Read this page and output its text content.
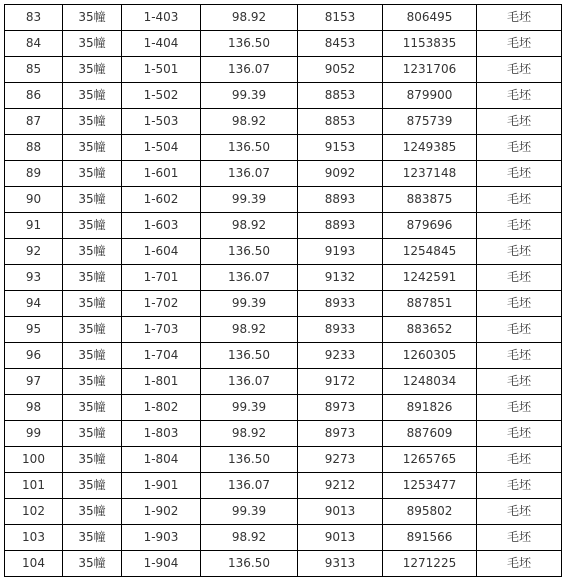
83	35幢	1-403	98.92	8153	806495	毛坯
84	35幢	1-404	136.50	8453	1153835	毛坯
85	35幢	1-501	136.07	9052	1231706	毛坯
86	35幢	1-502	99.39	8853	879900	毛坯
87	35幢	1-503	98.92	8853	875739	毛坯
88	35幢	1-504	136.50	9153	1249385	毛坯
89	35幢	1-601	136.07	9092	1237148	毛坯
90	35幢	1-602	99.39	8893	883875	毛坯
91	35幢	1-603	98.92	8893	879696	毛坯
92	35幢	1-604	136.50	9193	1254845	毛坯
93	35幢	1-701	136.07	9132	1242591	毛坯
94	35幢	1-702	99.39	8933	887851	毛坯
95	35幢	1-703	98.92	8933	883652	毛坯
96	35幢	1-704	136.50	9233	1260305	毛坯
97	35幢	1-801	136.07	9172	1248034	毛坯
98	35幢	1-802	99.39	8973	891826	毛坯
99	35幢	1-803	98.92	8973	887609	毛坯
100	35幢	1-804	136.50	9273	1265765	毛坯
101	35幢	1-901	136.07	9212	1253477	毛坯
102	35幢	1-902	99.39	9013	895802	毛坯
103	35幢	1-903	98.92	9013	891566	毛坯
104	35幢	1-904	136.50	9313	1271225	毛坯
